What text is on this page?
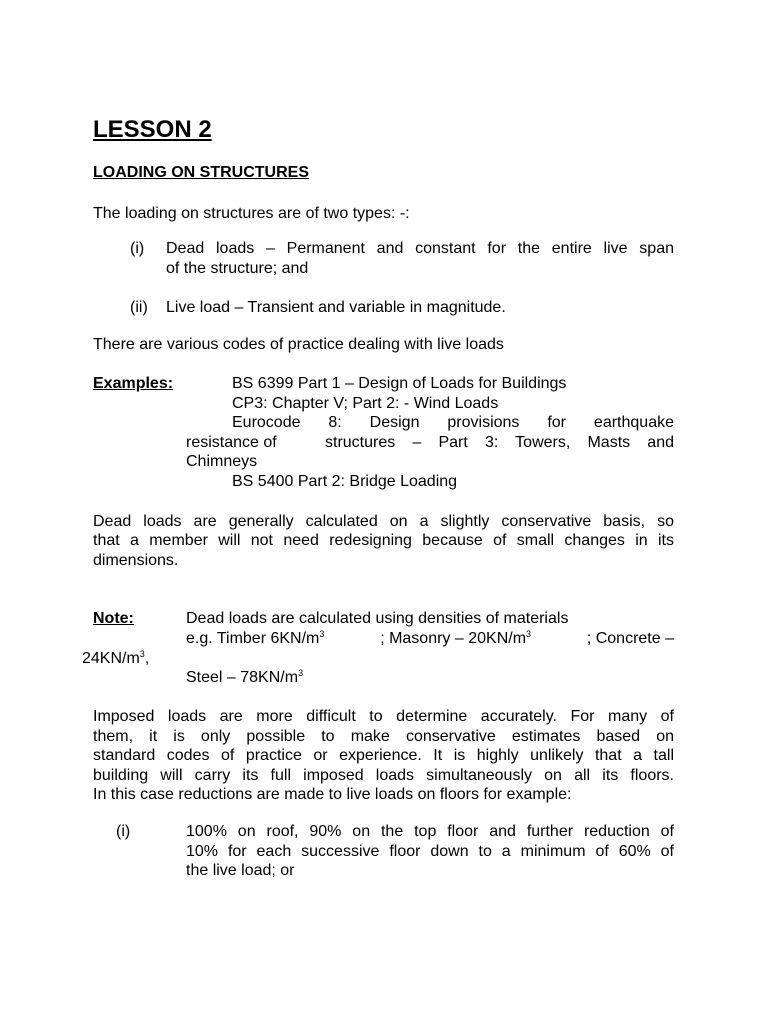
LESSON 2
LOADING ON STRUCTURES
The loading on structures are of two types: -:
(i) Dead loads – Permanent and constant for the entire live span
of the structure; and
(ii) Live load – Transient and variable in magnitude.
There are various codes of practice dealing with live loads
Examples:	BS 6399 Part 1 – Design of Loads for Buildings
CP3: Chapter V; Part 2: - Wind Loads
Eurocode 8: Design provisions for earthquake
resistance of	structures – Part 3: Towers, Masts and
Chimneys
BS 5400 Part 2: Bridge Loading
Dead loads are generally calculated on a slightly conservative basis, so
that a member will not need redesigning because of small changes in its
dimensions.
Note:	Dead loads are calculated using densities of materials
e.g. Timber $6KN/m^3$	; Masonry – $20KN/m^3$	; Concrete –
$24KN/m^3$,
Steel – $78KN/m^3$
Imposed loads are more difficult to determine accurately. For many of
them, it is only possible to make conservative estimates based on
standard codes of practice or experience. It is highly unlikely that a tall
building will carry its full imposed loads simultaneously on all its floors.
In this case reductions are made to live loads on floors for example:
(i)	100% on roof, 90% on the top floor and further reduction of
10% for each successive floor down to a minimum of 60% of
the live load; or
